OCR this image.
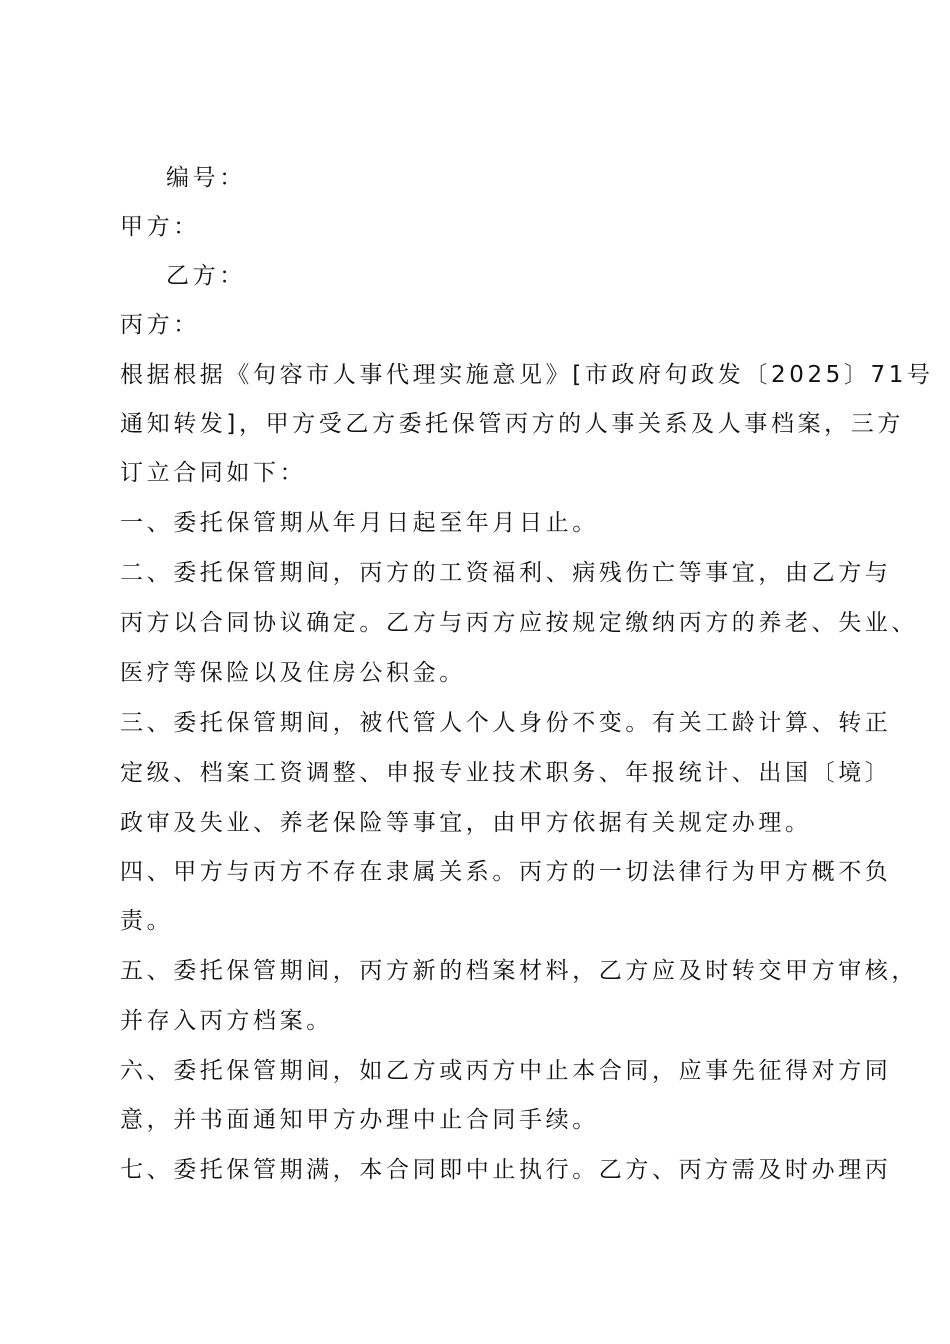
编号：
甲方：
乙方：
丙方：
根据根据《句容市人事代理实施意见》[市政府句政发〔2025〕71号
通知转发]，甲方受乙方委托保管丙方的人事关系及人事档案，三方
订立合同如下：
一、委托保管期从年月日起至年月日止。
二、委托保管期间，丙方的工资福利、病残伤亡等事宜，由乙方与
丙方以合同协议确定。乙方与丙方应按规定缴纳丙方的养老、失业、
医疗等保险以及住房公积金。
三、委托保管期间，被代管人个人身份不变。有关工龄计算、转正
定级、档案工资调整、申报专业技术职务、年报统计、出国〔境〕
政审及失业、养老保险等事宜，由甲方依据有关规定办理。
四、甲方与丙方不存在隶属关系。丙方的一切法律行为甲方概不负
责。
五、委托保管期间，丙方新的档案材料，乙方应及时转交甲方审核，
并存入丙方档案。
六、委托保管期间，如乙方或丙方中止本合同，应事先征得对方同
意，并书面通知甲方办理中止合同手续。
七、委托保管期满，本合同即中止执行。乙方、丙方需及时办理丙
